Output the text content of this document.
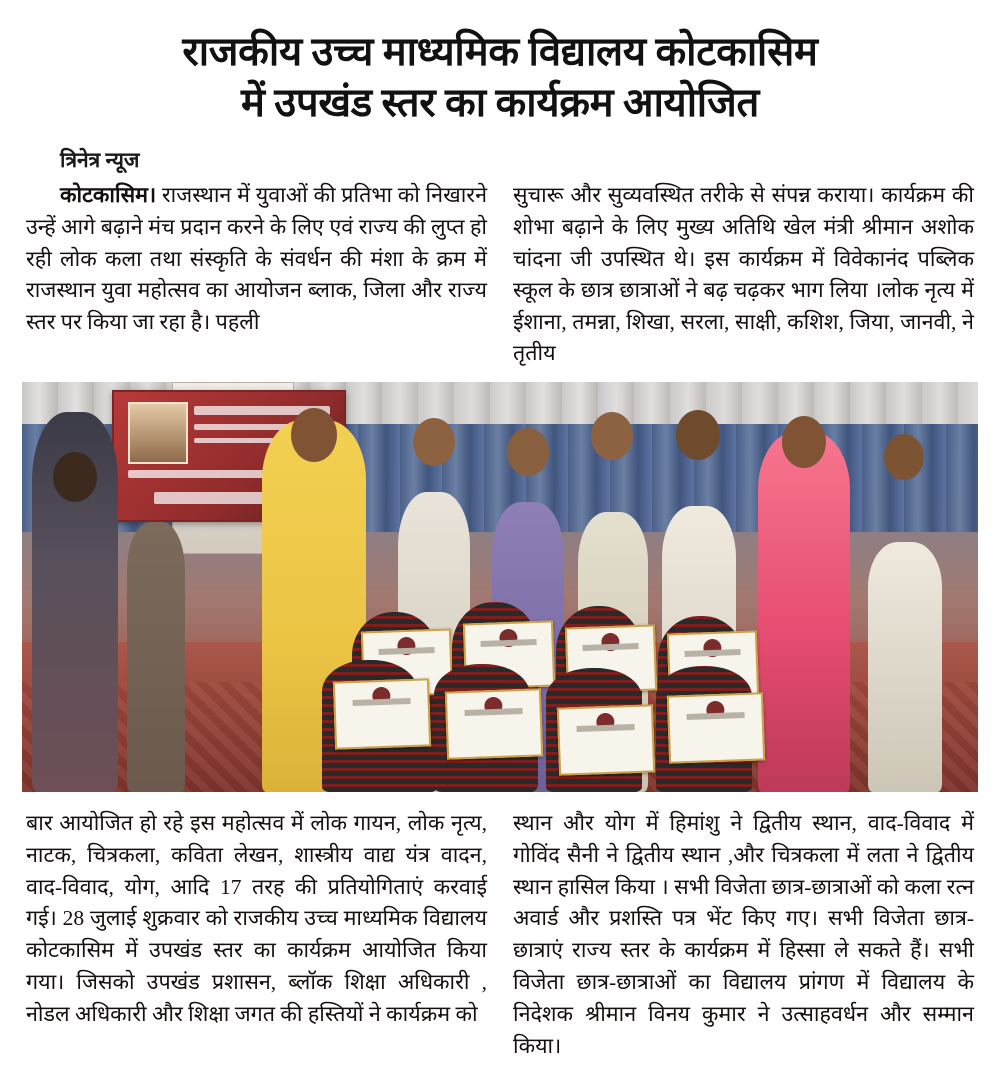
राजकीय उच्च माध्यमिक विद्यालय कोटकासिम
में उपखंड स्तर का कार्यक्रम आयोजित
त्रिनेत्र न्यूज
कोटकासिम। राजस्थान में युवाओं की प्रतिभा को निखारने उन्हें आगे बढ़ाने मंच प्रदान करने के लिए एवं राज्य की लुप्त हो रही लोक कला तथा संस्कृति के संवर्धन की मंशा के क्रम में राजस्थान युवा महोत्सव का आयोजन ब्लाक, जिला और राज्य स्तर पर किया जा रहा है। पहली
सुचारू और सुव्यवस्थित तरीके से संपन्न कराया। कार्यक्रम की शोभा बढ़ाने के लिए मुख्य अतिथि खेल मंत्री श्रीमान अशोक चांदना जी उपस्थित थे। इस कार्यक्रम में विवेकानंद पब्लिक स्कूल के छात्र छात्राओं ने बढ़ चढ़कर भाग लिया ।लोक नृत्य में ईशाना, तमन्ना, शिखा, सरला, साक्षी, कशिश, जिया, जानवी, ने तृतीय
बार आयोजित हो रहे इस महोत्सव में लोक गायन, लोक नृत्य, नाटक, चित्रकला, कविता लेखन, शास्त्रीय वाद्य यंत्र वादन, वाद-विवाद, योग, आदि 17 तरह की प्रतियोगिताएं करवाई गई। 28 जुलाई शुक्रवार को राजकीय उच्च माध्यमिक विद्यालय कोटकासिम में उपखंड स्तर का कार्यक्रम आयोजित किया गया। जिसको उपखंड प्रशासन, ब्लॉक शिक्षा अधिकारी , नोडल अधिकारी और शिक्षा जगत की हस्तियों ने कार्यक्रम को
स्थान और योग में हिमांशु ने द्वितीय स्थान, वाद-विवाद में गोविंद सैनी ने द्वितीय स्थान ,और चित्रकला में लता ने द्वितीय स्थान हासिल किया । सभी विजेता छात्र-छात्राओं को कला रत्न अवार्ड और प्रशस्ति पत्र भेंट किए गए। सभी विजेता छात्र-छात्राएं राज्य स्तर के कार्यक्रम में हिस्सा ले सकते हैं। सभी विजेता छात्र-छात्राओं का विद्यालय प्रांगण में विद्यालय के निदेशक श्रीमान विनय कुमार ने उत्साहवर्धन और सम्मान किया।
